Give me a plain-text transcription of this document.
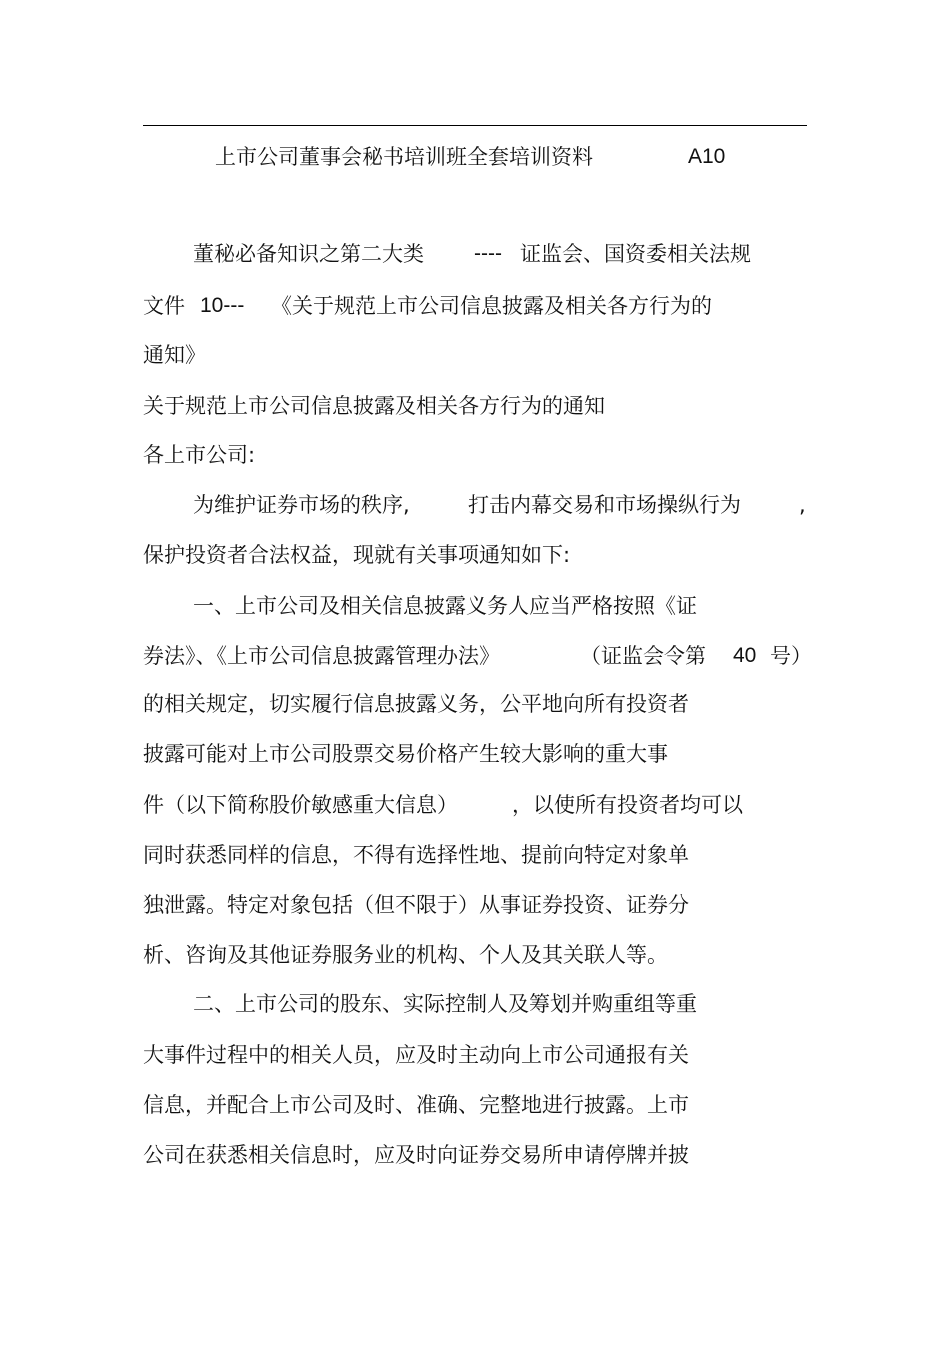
上市公司董事会秘书培训班全套培训资料	A10
董秘必备知识之第二大类 ---- 证监会、国资委相关法规
文件 10--- 《关于规范上市公司信息披露及相关各方行为的
通知》
关于规范上市公司信息披露及相关各方行为的通知
各上市公司:
为维护证券市场的秩序,	打击内幕交易和市场操纵行为	,
保护投资者合法权益，现就有关事项通知如下:
一、上市公司及相关信息披露义务人应当严格按照《证
券法》、《上市公司信息披露管理办法》	（证监会令第 40 号）
的相关规定，切实履行信息披露义务，公平地向所有投资者
披露可能对上市公司股票交易价格产生较大影响的重大事
件（以下简称股价敏感重大信息）	，以使所有投资者均可以
同时获悉同样的信息，不得有选择性地、提前向特定对象单
独泄露。特定对象包括（但不限于）从事证券投资、证券分
析、咨询及其他证券服务业的机构、个人及其关联人等。
二、上市公司的股东、实际控制人及筹划并购重组等重
大事件过程中的相关人员，应及时主动向上市公司通报有关
信息，并配合上市公司及时、准确、完整地进行披露。上市
公司在获悉相关信息时，应及时向证券交易所申请停牌并披
